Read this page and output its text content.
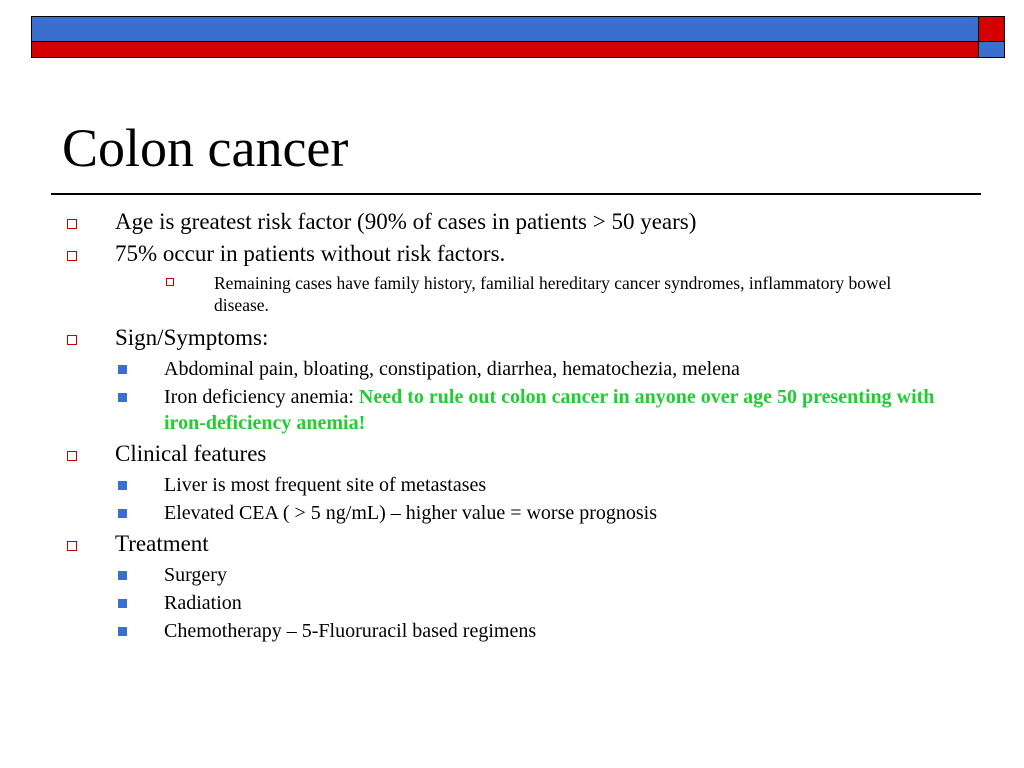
Colon cancer
Age is greatest risk factor (90% of cases in patients > 50 years)
75% occur in patients without risk factors.
Remaining cases have family history, familial hereditary cancer syndromes, inflammatory bowel disease.
Sign/Symptoms:
Abdominal pain, bloating, constipation, diarrhea, hematochezia, melena
Iron deficiency anemia: Need to rule out colon cancer in anyone over age 50 presenting with iron-deficiency anemia!
Clinical features
Liver is most frequent site of metastases
Elevated CEA ( > 5 ng/mL) – higher value = worse prognosis
Treatment
Surgery
Radiation
Chemotherapy – 5-Fluoruracil based regimens
